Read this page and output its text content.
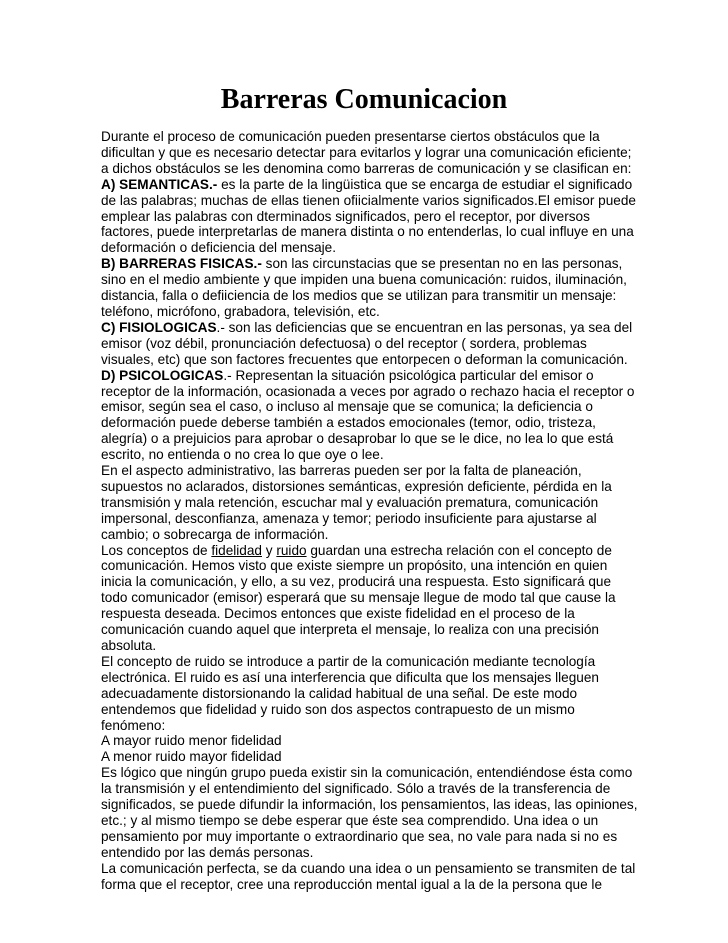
Barreras Comunicacion

Durante el proceso de comunicación pueden presentarse ciertos obstáculos que la dificultan y que es necesario detectar para evitarlos y lograr una comunicación eficiente; a dichos obstáculos se les denomina como barreras de comunicación y se clasifican en:

A) SEMANTICAS.- es la parte de la lingüistica que se encarga de estudiar el significado de las palabras; muchas de ellas tienen ofiicialmente varios significados.El emisor puede emplear las palabras con dterminados significados, pero el receptor, por diversos factores, puede interpretarlas de manera distinta o no entenderlas, lo cual influye en una deformación o deficiencia del mensaje.

B) BARRERAS FISICAS.- son las circunstacias que se presentan no en las personas, sino en el medio ambiente y que impiden una buena comunicación: ruidos, iluminación, distancia, falla o defiiciencia de los medios que se utilizan para transmitir un mensaje: teléfono, micrófono, grabadora, televisión, etc.

C) FISIOLOGICAS.- son las deficiencias que se encuentran en las personas, ya sea del emisor (voz débil, pronunciación defectuosa) o del receptor ( sordera, problemas visuales, etc) que son factores frecuentes que entorpecen o deforman la comunicación.

D) PSICOLOGICAS.- Representan la situación psicológica particular del emisor o receptor de la información, ocasionada a veces por agrado o rechazo hacia el receptor o emisor, según sea el caso, o incluso al mensaje que se comunica; la deficiencia o deformación puede deberse también a estados emocionales (temor, odio, tristeza, alegría) o a prejuicios para aprobar o desaprobar lo que se le dice, no lea lo que está escrito, no entienda o no crea lo que oye o lee.

En el aspecto administrativo, las barreras pueden ser por la falta de planeación, supuestos no aclarados, distorsiones semánticas, expresión deficiente, pérdida en la transmisión y mala retención, escuchar mal y evaluación prematura, comunicación impersonal, desconfianza, amenaza y temor; periodo insuficiente para ajustarse al cambio; o sobrecarga de información.

Los conceptos de fidelidad y ruido guardan una estrecha relación con el concepto de comunicación. Hemos visto que existe siempre un propósito, una intención en quien inicia la comunicación, y ello, a su vez, producirá una respuesta. Esto significará que todo comunicador (emisor) esperará que su mensaje llegue de modo tal que cause la respuesta deseada. Decimos entonces que existe fidelidad en el proceso de la comunicación cuando aquel que interpreta el mensaje, lo realiza con una precisión absoluta.

El concepto de ruido se introduce a partir de la comunicación mediante tecnología electrónica. El ruido es así una interferencia que dificulta que los mensajes lleguen adecuadamente distorsionando la calidad habitual de una señal. De este modo entendemos que fidelidad y ruido son dos aspectos contrapuesto de un mismo fenómeno:

A mayor ruido menor fidelidad

A menor ruido mayor fidelidad

Es lógico que ningún grupo pueda existir sin la comunicación, entendiéndose ésta como la transmisión y el entendimiento del significado. Sólo a través de la transferencia de significados, se puede difundir la información, los pensamientos, las ideas, las opiniones, etc.; y al mismo tiempo se debe esperar que éste sea comprendido. Una idea o un pensamiento por muy importante o extraordinario que sea, no vale para nada si no es entendido por las demás personas.

La comunicación perfecta, se da cuando una idea o un pensamiento se transmiten de tal forma que el receptor, cree una reproducción mental igual a la de la persona que le
